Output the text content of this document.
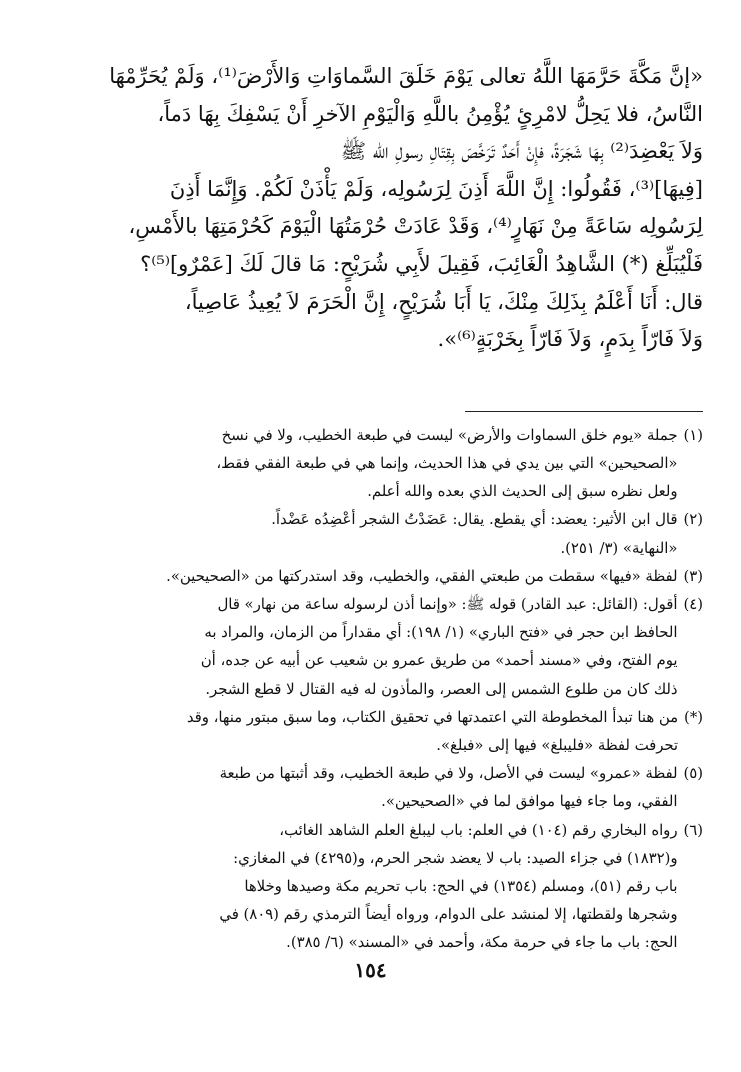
«إنَّ مَكَّةَ حَرَّمَهَا اللَّهُ تعالى يَوْمَ خَلَقَ السَّماوَاتِ وَالأَرْضَ⁽¹⁾، وَلَمْ يُحَرِّمْهَا

النَّاسُ، فلا يَحِلُّ لامْرِئٍ يُؤْمِنُ باللَّهِ وَالْيَوْمِ الآخرِ أَنْ يَسْفِكَ بِهَا دَماً،

وَلاَ يَعْضِدَ⁽²⁾ بِهَا شَجَرَةً، فإِنْ أَحَدٌ تَرَخَّصَ بِقِتَالِ رسولِ الله ﷺ

[فِيهَا]⁽³⁾، فَقُولُوا: إِنَّ اللَّهَ أَذِنَ لِرَسُولِه، وَلَمْ يَأْذَنْ لَكُمْ. وَإِنَّمَا أَذِنَ

لِرَسُولِه سَاعَةً مِنْ نَهَارٍ⁽⁴⁾، وَقَدْ عَادَتْ حُرْمَتُهَا الْيَوْمَ كَحُرْمَتِهَا بالأَمْسِ،

فَلْيُبَلِّغ (*) الشَّاهِدُ الْغَائِبَ، فَقِيلَ لأَبِي شُرَيْحٍ: مَا قالَ لَكَ [عَمْرٌو]⁽⁵⁾؟

قال: أَنَا أَعْلَمُ بِذَلِكَ مِنْكَ، يَا أَبَا شُرَيْحٍ، إِنَّ الْحَرَمَ لاَ يُعِيذُ عَاصِياً،

وَلاَ فَارّاً بِدَمٍ، وَلاَ فَارّاً بِخَرْبَةٍ⁽⁶⁾».

(١)
جملة «يوم خلق السماوات والأرض» ليست في طبعة الخطيب، ولا في نسخ
«الصحيحين» التي بين يدي في هذا الحديث، وإنما هي في طبعة الفقي فقط،
ولعل نظره سبق إلى الحديث الذي بعده والله أعلم.
(٢)
قال ابن الأثير: يعضد: أي يقطع. يقال: عَضَدْتُ الشجر أعْضِدُه عَضْداً.
«النهاية» (٣/ ٢٥١).
(٣)
لفظة «فيها» سقطت من طبعتي الفقي، والخطيب، وقد استدركتها من «الصحيحين».
(٤)
أقول: (القائل: عبد القادر) قوله ﷺ: «وإنما أذن لرسوله ساعة من نهار» قال
الحافظ ابن حجر في «فتح الباري» (١/ ١٩٨): أي مقداراً من الزمان، والمراد به
يوم الفتح، وفي «مسند أحمد» من طريق عمرو بن شعيب عن أبيه عن جده، أن
ذلك كان من طلوع الشمس إلى العصر، والمأذون له فيه القتال لا قطع الشجر.
(*)
من هنا تبدأ المخطوطة التي اعتمدتها في تحقيق الكتاب، وما سبق مبتور منها، وقد
تحرفت لفظة «فليبلغ» فيها إلى «فبلغ».
(٥)
لفظة «عمرو» ليست في الأصل، ولا في طبعة الخطيب، وقد أثبتها من طبعة
الفقي، وما جاء فيها موافق لما في «الصحيحين».
(٦)
رواه البخاري رقم (١٠٤) في العلم: باب ليبلغ العلم الشاهد الغائب،
و(١٨٣٢) في جزاء الصيد: باب لا يعضد شجر الحرم، و(٤٢٩٥) في المغازي:
باب رقم (٥١)، ومسلم (١٣٥٤) في الحج: باب تحريم مكة وصيدها وخلاها
وشجرها ولقطتها، إلا لمنشد على الدوام، ورواه أيضاً الترمذي رقم (٨٠٩) في
الحج: باب ما جاء في حرمة مكة، وأحمد في «المسند» (٦/ ٣٨٥).
١٥٤
